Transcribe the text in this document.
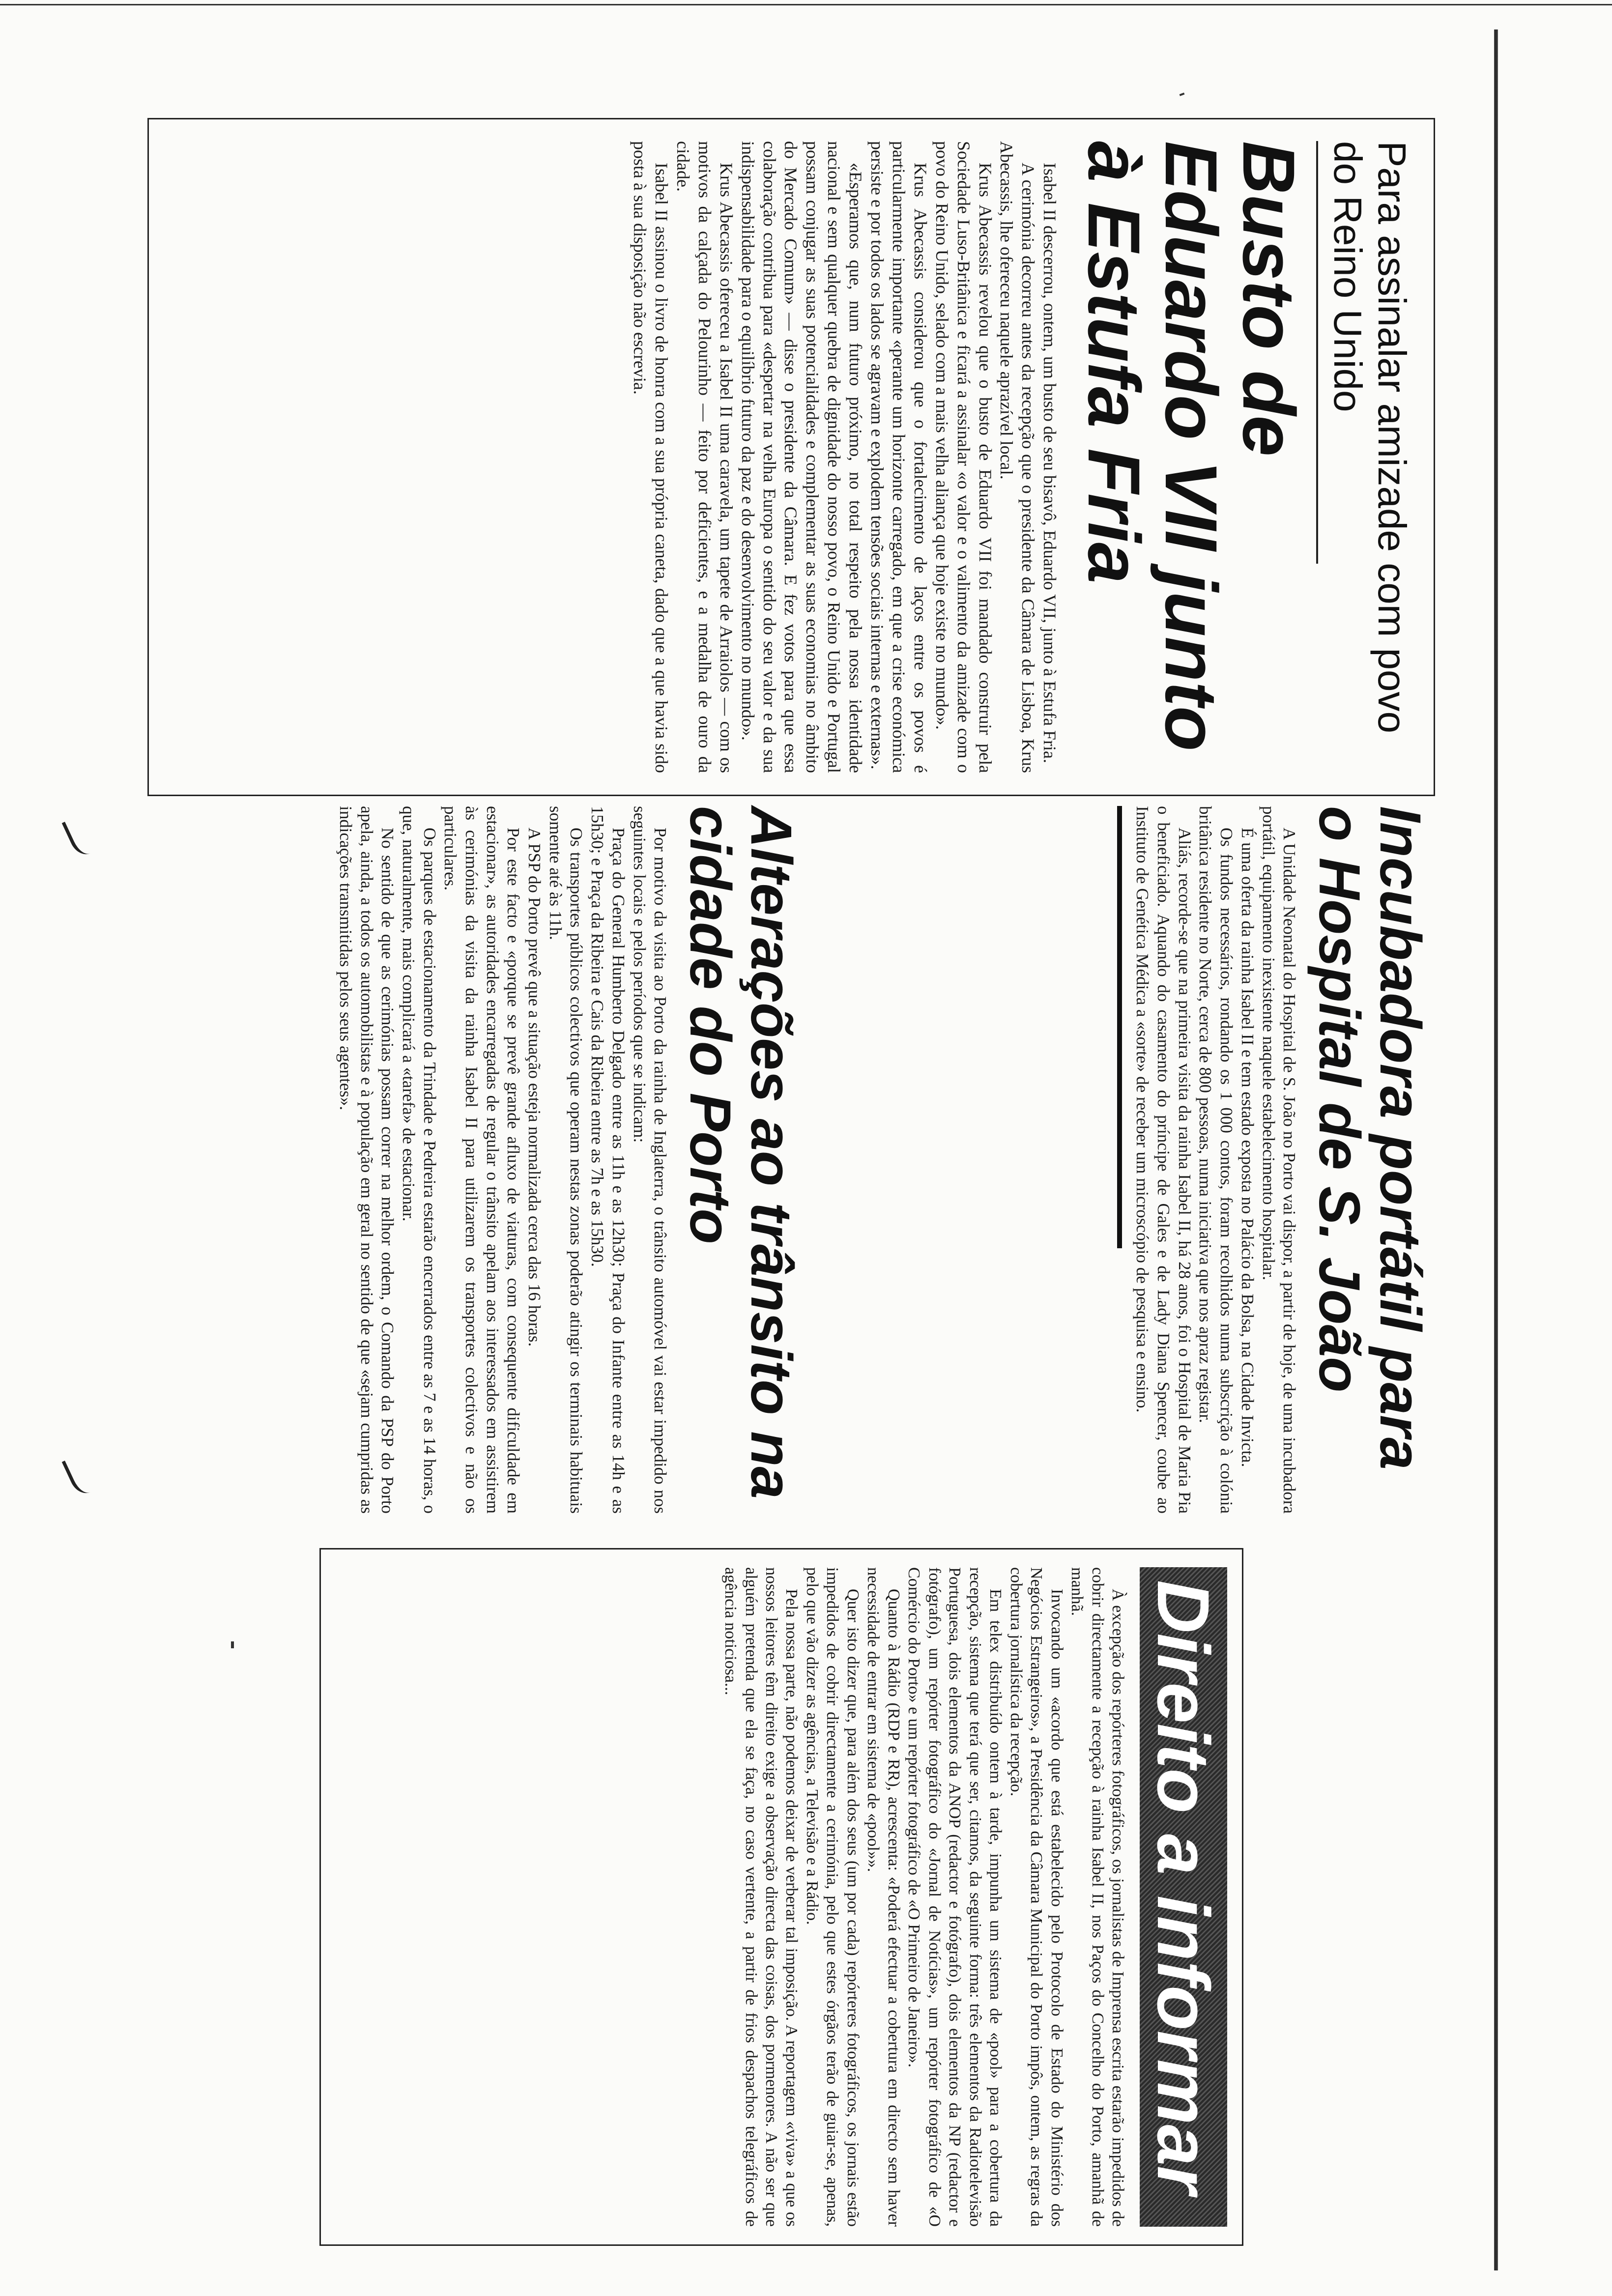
Para assinalar amizade com povo do Reino Unido

Busto de Eduardo VII junto à Estufa Fria

Isabel II descerrou, ontem, um busto de seu bisavô, Eduardo VII, junto à Estufa Fria.

A cerimónia decorreu antes da recepção que o presidente da Câmara de Lisboa, Krus Abecassis, lhe ofereceu naquele aprazível local.

Krus Abecassis revelou que o busto de Eduardo VII foi mandado construir pela Sociedade Luso-Britânica e ficará a assinalar «o valor e o valimento da amizade com o povo do Reino Unido, selado com a mais velha aliança que hoje existe no mundo».

Krus Abecassis considerou que o fortalecimento de laços entre os povos é particularmente importante «perante um horizonte carregado, em que a crise económica persiste e por todos os lados se agravam e explodem tensões sociais internas e externas».

«Esperamos que, num futuro próximo, no total respeito pela nossa identidade nacional e sem qualquer quebra de dignidade do nosso povo, o Reino Unido e Portugal possam conjugar as suas potencialidades e complementar as suas economias no âmbito do Mercado Comum» — disse o presidente da Câmara. E fez votos para que essa colaboração contribua para «despertar na velha Europa o sentido do seu valor e da sua indispensabilidade para o equilíbrio futuro da paz e do desenvolvimento no mundo».

Krus Abecassis ofereceu a Isabel II uma caravela, um tapete de Arraiolos — com os motivos da calçada do Pelourinho — feito por deficientes, e a medalha de ouro da cidade.

Isabel II assinou o livro de honra com a sua própria caneta, dado que a que havia sido posta à sua disposição não escrevia.

Incubadora portátil para o Hospital de S. João

A Unidade Neonatal do Hospital de S. João no Porto vai dispor, a partir de hoje, de uma incubadora portátil, equipamento inexistente naquele estabelecimento hospitalar.

É uma oferta da rainha Isabel II e tem estado exposta no Palácio da Bolsa, na Cidade Invicta.

Os fundos necessários, rondando os 1 000 contos, foram recolhidos numa subscrição à colónia britânica residente no Norte, cerca de 800 pessoas, numa iniciativa que nos apraz registar.

Aliás, recorde-se que na primeira visita da rainha Isabel II, há 28 anos, foi o Hospital de Maria Pia o beneficiado. Aquando do casamento do príncipe de Gales e de Lady Diana Spencer, coube ao Instituto de Genética Médica a «sorte» de receber um microscópio de pesquisa e ensino.

Alterações ao trânsito na cidade do Porto

Por motivo da visita ao Porto da rainha de Inglaterra, o trânsito automóvel vai estar impedido nos seguintes locais e pelos períodos que se indicam:

Praça do General Humberto Delgado entre as 11h e as 12h30; Praça do Infante entre as 14h e as 15h30; e Praça da Ribeira e Cais da Ribeira entre as 7h e as 15h30.

Os transportes públicos colectivos que operam nestas zonas poderão atingir os terminais habituais somente até às 11h.

A PSP do Porto prevê que a situação esteja normalizada cerca das 16 horas.

Por este facto e «porque se prevê grande afluxo de viaturas, com consequente dificuldade em estacionar», as autoridades encarregadas de regular o trânsito apelam aos interessados em assistirem às cerimónias da visita da rainha Isabel II para utilizarem os transportes colectivos e não os particulares.

Os parques de estacionamento da Trindade e Pedreira estarão encerrados entre as 7 e as 14 horas, o que, naturalmente, mais complicará a «tarefa» de estacionar.

No sentido de que as cerimónias possam correr na melhor ordem, o Comando da PSP do Porto apela, ainda, a todos os automobilistas e à população em geral no sentido de que «sejam cumpridas as indicações transmitidas pelos seus agentes».

Direito a informar

À excepção dos repórteres fotográficos, os jornalistas de Imprensa escrita estarão impedidos de cobrir directamente a recepção à rainha Isabel II, nos Paços do Concelho do Porto, amanhã de manhã.

Invocando um «acordo que está estabelecido pelo Protocolo de Estado do Ministério dos Negócios Estrangeiros», a Presidência da Câmara Municipal do Porto impôs, ontem, as regras da cobertura jornalística da recepção.

Em telex distribuído ontem à tarde, impunha um sistema de «pool» para a cobertura da recepção, sistema que terá que ser, citamos, da seguinte forma: três elementos da Radiotelevisão Portuguesa, dois elementos da ANOP (redactor e fotógrafo), dois elementos da NP (redactor e fotógrafo), um repórter fotográfico do «Jornal de Notícias», um repórter fotográfico de «O Comércio do Porto» e um repórter fotográfico de «O Primeiro de Janeiro».

Quanto à Rádio (RDP e RR), acrescenta: «Poderá efectuar a cobertura em directo sem haver necessidade de entrar em sistema de «pool»».

Quer isto dizer que, para além dos seus (um por cada) repórteres fotográficos, os jornais estão impedidos de cobrir directamente a cerimónia, pelo que estes órgãos terão de guiar-se, apenas, pelo que vão dizer as agências, a Televisão e a Rádio.

Pela nossa parte, não podemos deixar de verberar tal imposição. A reportagem «viva» a que os nossos leitores têm direito exige a observação directa das coisas, dos pormenores. A não ser que alguém pretenda que ela se faça, no caso vertente, a partir de frios despachos telegráficos de agência noticiosa...
